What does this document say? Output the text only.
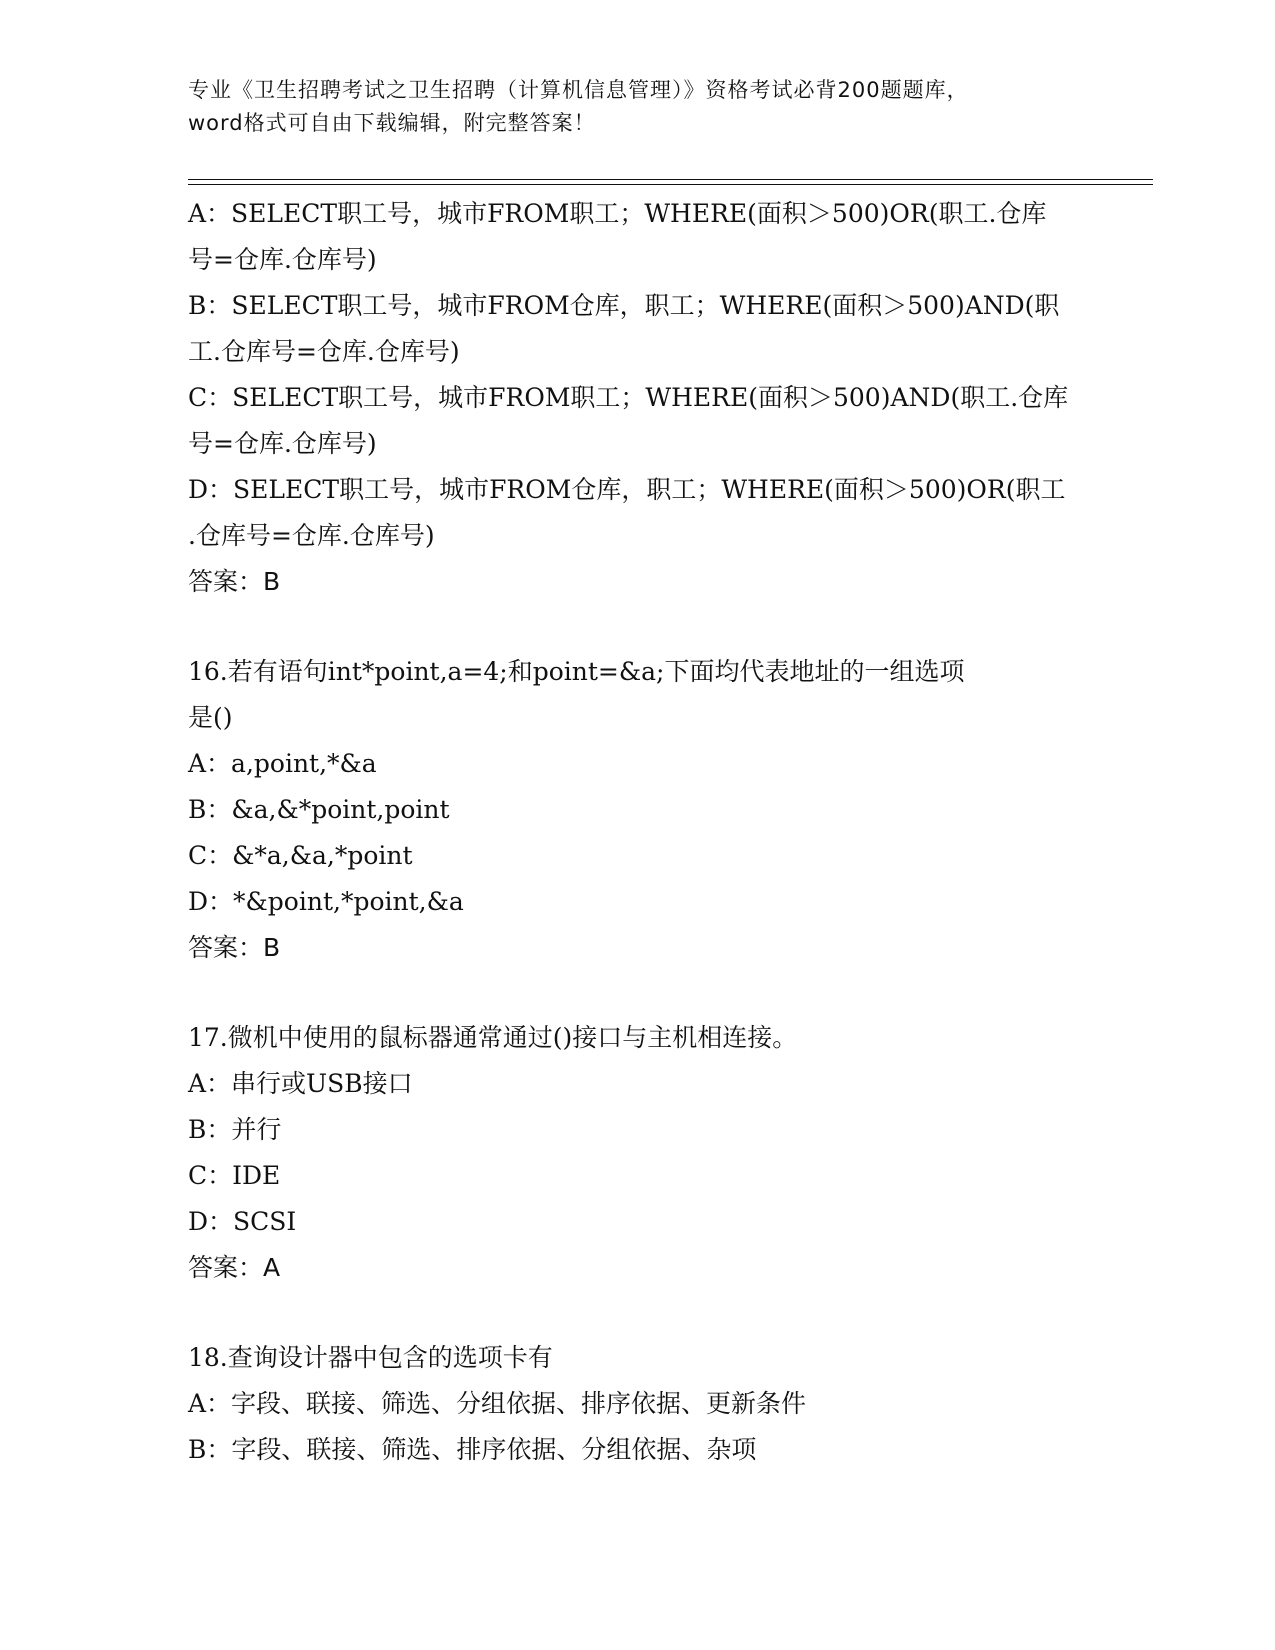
专业《卫生招聘考试之卫生招聘（计算机信息管理）》资格考试必背200题题库，
word格式可自由下载编辑，附完整答案！
A：SELECT职工号，城市FROM职工；WHERE(面积＞500)OR(职工.仓库
号=仓库.仓库号)
B：SELECT职工号，城市FROM仓库，职工；WHERE(面积＞500)AND(职
工.仓库号=仓库.仓库号)
C：SELECT职工号，城市FROM职工；WHERE(面积＞500)AND(职工.仓库
号=仓库.仓库号)
D：SELECT职工号，城市FROM仓库，职工；WHERE(面积＞500)OR(职工
.仓库号=仓库.仓库号)
答案：B
16.若有语句int*point,a=4;和point=&a;下面均代表地址的一组选项
是()
A：a,point,*&a
B：&a,&*point,point
C：&*a,&a,*point
D：*&point,*point,&a
答案：B
17.微机中使用的鼠标器通常通过()接口与主机相连接。
A：串行或USB接口
B：并行
C：IDE
D：SCSI
答案：A
18.查询设计器中包含的选项卡有
A：字段、联接、筛选、分组依据、排序依据、更新条件
B：字段、联接、筛选、排序依据、分组依据、杂项
